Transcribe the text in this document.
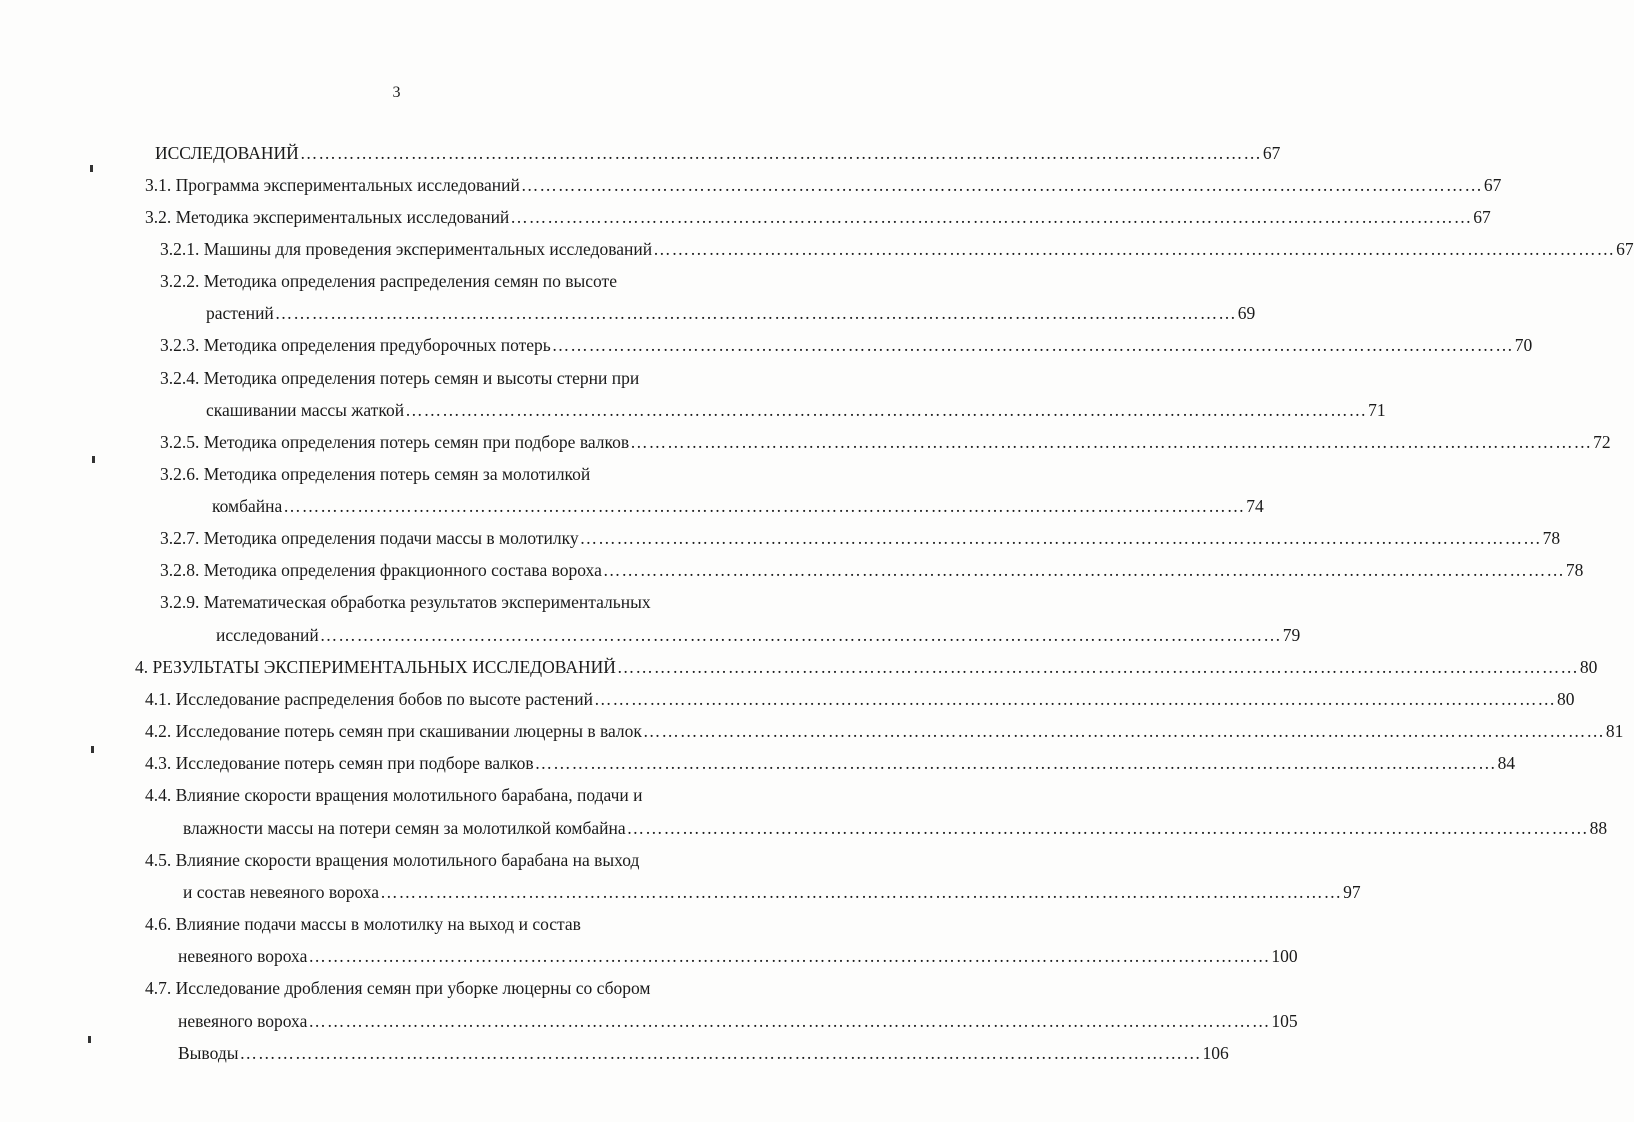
3
ИССЛЕДОВАНИЙ ………………………………………………………………………………………………………………………………………… 67
3.1. Программа экспериментальных исследований ………………………………………………………………………………………………………………………………………… 67
3.2. Методика экспериментальных исследований ………………………………………………………………………………………………………………………………………… 67
3.2.1. Машины для проведения экспериментальных исследований ………………………………………………………………………………………………………………………………………… 67
3.2.2. Методика определения распределения семян по высоте
растений ………………………………………………………………………………………………………………………………………… 69
3.2.3. Методика определения предуборочных потерь ………………………………………………………………………………………………………………………………………… 70
3.2.4. Методика определения потерь семян и высоты стерни при
скашивании массы жаткой ………………………………………………………………………………………………………………………………………… 71
3.2.5. Методика определения потерь семян при подборе валков ………………………………………………………………………………………………………………………………………… 72
3.2.6. Методика определения потерь семян за молотилкой
комбайна ………………………………………………………………………………………………………………………………………… 74
3.2.7. Методика определения подачи массы в молотилку ………………………………………………………………………………………………………………………………………… 78
3.2.8. Методика определения фракционного состава вороха ………………………………………………………………………………………………………………………………………… 78
3.2.9. Математическая обработка результатов экспериментальных
исследований ………………………………………………………………………………………………………………………………………… 79
4. РЕЗУЛЬТАТЫ ЭКСПЕРИМЕНТАЛЬНЫХ ИССЛЕДОВАНИЙ ………………………………………………………………………………………………………………………………………… 80
4.1. Исследование распределения бобов по высоте растений ………………………………………………………………………………………………………………………………………… 80
4.2. Исследование потерь семян при скашивании люцерны в валок ………………………………………………………………………………………………………………………………………… 81
4.3. Исследование потерь семян при подборе валков ………………………………………………………………………………………………………………………………………… 84
4.4. Влияние скорости вращения молотильного барабана, подачи и
влажности массы на потери семян за молотилкой комбайна ………………………………………………………………………………………………………………………………………… 88
4.5. Влияние скорости вращения молотильного барабана на выход
и состав невеяного вороха ………………………………………………………………………………………………………………………………………… 97
4.6. Влияние подачи массы в молотилку на выход и состав
невеяного вороха ………………………………………………………………………………………………………………………………………… 100
4.7. Исследование дробления семян при уборке люцерны со сбором
невеяного вороха ………………………………………………………………………………………………………………………………………… 105
Выводы ………………………………………………………………………………………………………………………………………… 106
